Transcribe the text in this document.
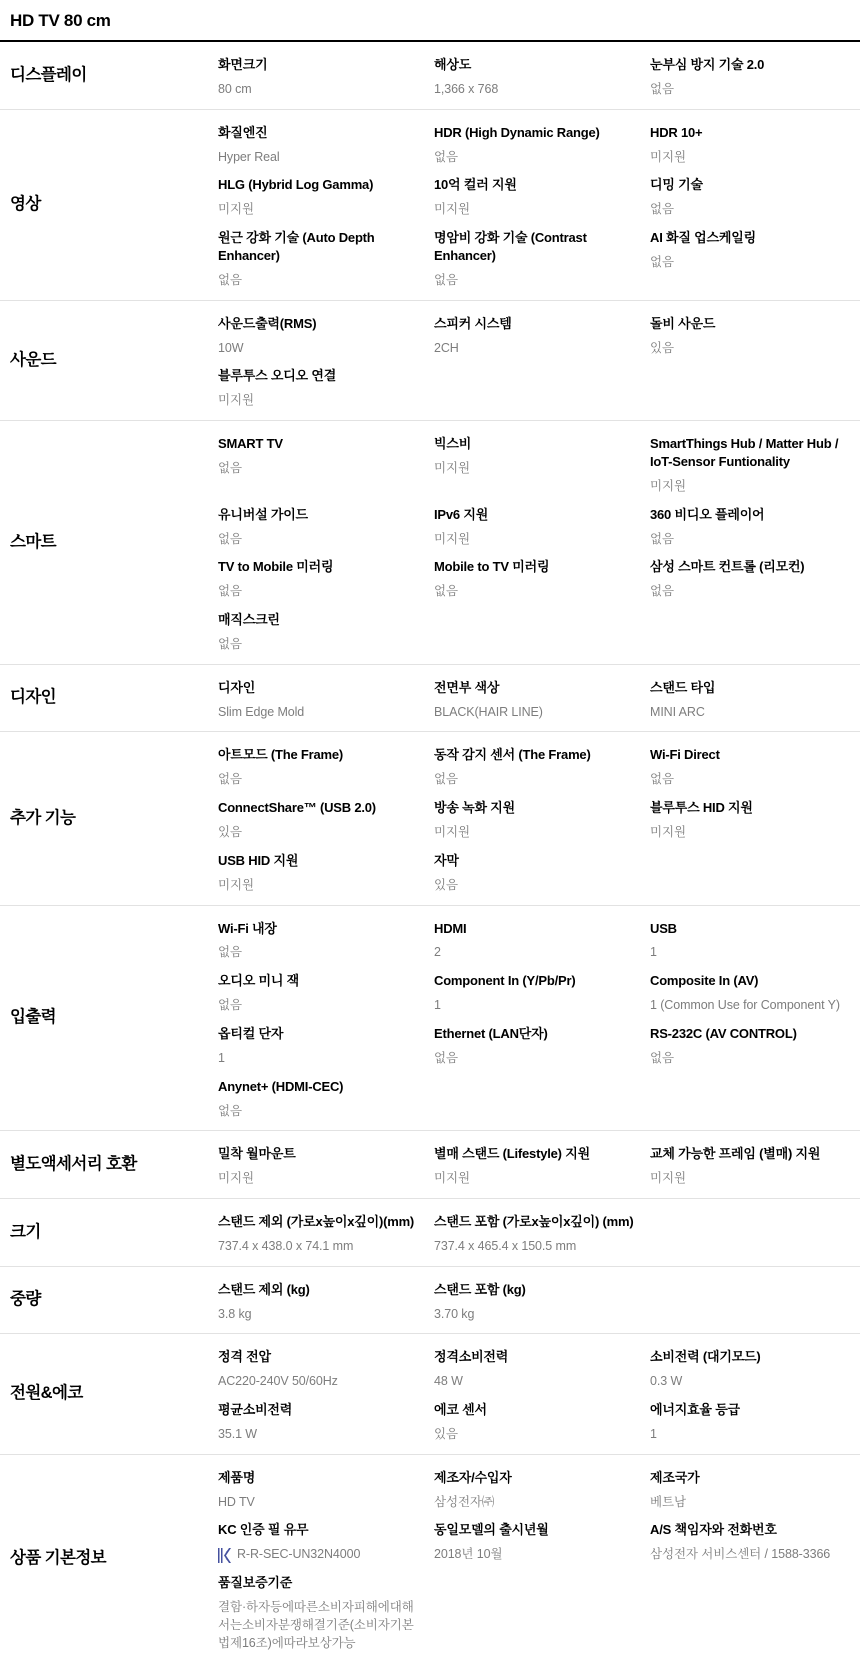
HD TV 80 cm
디스플레이
화면크기
80 cm
해상도
1,366 x 768
눈부심 방지 기술 2.0
없음
영상
화질엔진
Hyper Real
HDR (High Dynamic Range)
없음
HDR 10+
미지원
HLG (Hybrid Log Gamma)
미지원
10억 컬러 지원
미지원
디밍 기술
없음
원근 강화 기술 (Auto Depth Enhancer)
없음
명암비 강화 기술 (Contrast Enhancer)
없음
AI 화질 업스케일링
없음
사운드
사운드출력(RMS)
10W
스피커 시스템
2CH
돌비 사운드
있음
블루투스 오디오 연결
미지원
스마트
SMART TV
없음
빅스비
미지원
SmartThings Hub / Matter Hub / IoT-Sensor Funtionality
미지원
유니버설 가이드
없음
IPv6 지원
미지원
360 비디오 플레이어
없음
TV to Mobile 미러링
없음
Mobile to TV 미러링
없음
삼성 스마트 컨트롤 (리모컨)
없음
매직스크린
없음
디자인
디자인
Slim Edge Mold
전면부 색상
BLACK(HAIR LINE)
스탠드 타입
MINI ARC
추가 기능
아트모드 (The Frame)
없음
동작 감지 센서 (The Frame)
없음
Wi-Fi Direct
없음
ConnectShare™ (USB 2.0)
있음
방송 녹화 지원
미지원
블루투스 HID 지원
미지원
USB HID 지원
미지원
자막
있음
입출력
Wi-Fi 내장
없음
HDMI
2
USB
1
오디오 미니 잭
없음
Component In (Y/Pb/Pr)
1
Composite In (AV)
1 (Common Use for Component Y)
옵티컬 단자
1
Ethernet (LAN단자)
없음
RS-232C (AV CONTROL)
없음
Anynet+ (HDMI-CEC)
없음
별도액세서리 호환
밀착 월마운트
미지원
별매 스탠드 (Lifestyle) 지원
미지원
교체 가능한 프레임 (별매) 지원
미지원
크기
스탠드 제외 (가로x높이x깊이)(mm)
737.4 x 438.0 x 74.1 mm
스탠드 포함 (가로x높이x깊이) (mm)
737.4 x 465.4 x 150.5 mm
중량
스탠드 제외 (kg)
3.8 kg
스탠드 포함 (kg)
3.70 kg
전원&에코
정격 전압
AC220-240V 50/60Hz
정격소비전력
48 W
소비전력 (대기모드)
0.3 W
평균소비전력
35.1 W
에코 센서
있음
에너지효율 등급
1
상품 기본정보
제품명
HD TV
제조자/수입자
삼성전자㈜
제조국가
베트남
KC 인증 필 유무
R-R-SEC-UN32N4000
동일모델의 출시년월
2018년 10월
A/S 책임자와 전화번호
삼성전자 서비스센터 / 1588-3366
품질보증기준
결함·하자등에따른소비자피해에대해서는소비자분쟁해결기준(소비자기본법제16조)에따라보상가능
